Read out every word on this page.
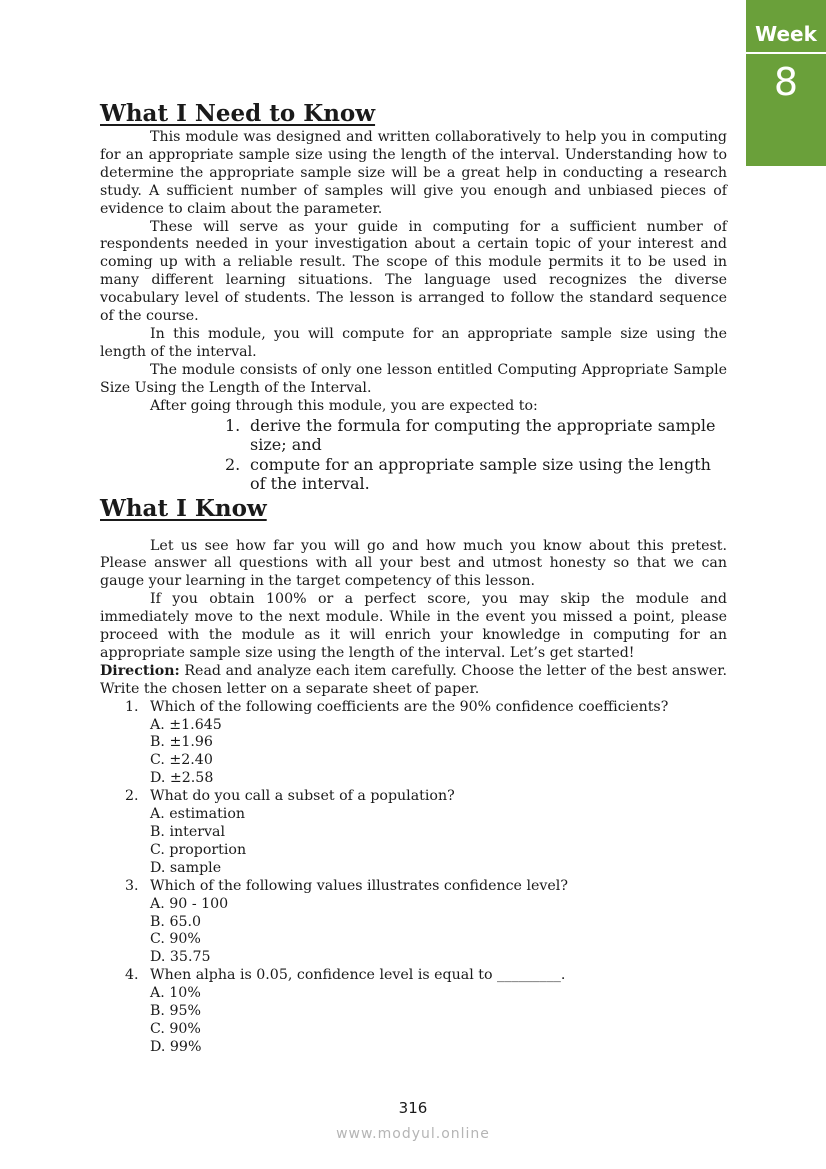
Week
8
What I Need to Know

This module was designed and written collaboratively to help you in computing for an appropriate sample size using the length of the interval. Understanding how to determine the appropriate sample size will be a great help in conducting a research study. A sufficient number of samples will give you enough and unbiased pieces of evidence to claim about the parameter.

These will serve as your guide in computing for a sufficient number of respondents needed in your investigation about a certain topic of your interest and coming up with a reliable result. The scope of this module permits it to be used in many different learning situations. The language used recognizes the diverse vocabulary level of students. The lesson is arranged to follow the standard sequence of the course.

In this module, you will compute for an appropriate sample size using the length of the interval.

The module consists of only one lesson entitled Computing Appropriate Sample Size Using the Length of the Interval.

After going through this module, you are expected to:

1. derive the formula for computing the appropriate sample size; and
2. compute for an appropriate sample size using the length of the interval.
What I Know

Let us see how far you will go and how much you know about this pretest. Please answer all questions with all your best and utmost honesty so that we can gauge your learning in the target competency of this lesson.

If you obtain 100% or a perfect score, you may skip the module and immediately move to the next module. While in the event you missed a point, please proceed with the module as it will enrich your knowledge in computing for an appropriate sample size using the length of the interval. Let’s get started!

Direction: Read and analyze each item carefully. Choose the letter of the best answer. Write the chosen letter on a separate sheet of paper.

1. Which of the following coefficients are the 90% confidence coefficients?
A. ±1.645
B. ±1.96
C. ±2.40
D. ±2.58
2. What do you call a subset of a population?
A. estimation
B. interval
C. proportion
D. sample
3. Which of the following values illustrates confidence level?
A. 90 - 100
B. 65.0
C. 90%
D. 35.75
4. When alpha is 0.05, confidence level is equal to _________.
A. 10%
B. 95%
C. 90%
D. 99%
316
www.modyul.online
